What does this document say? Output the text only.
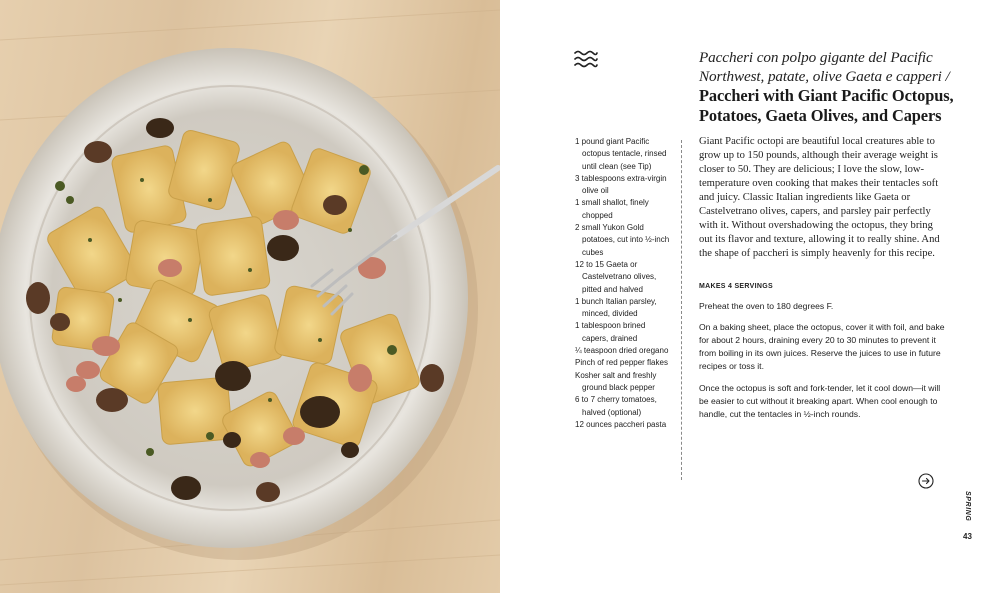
Paccheri con polpo gigante del Pacific Northwest, patate, olive Gaeta e capperi /
Paccheri with Giant Pacific Octopus, Potatoes, Gaeta Olives, and Capers
1 pound giant Pacific octopus tentacle, rinsed until clean (see Tip)
3 tablespoons extra-virgin olive oil
1 small shallot, finely chopped
2 small Yukon Gold potatoes, cut into ½-inch cubes
12 to 15 Gaeta or Castelvetrano olives, pitted and halved
1 bunch Italian parsley, minced, divided
1 tablespoon brined capers, drained
¼ teaspoon dried oregano
Pinch of red pepper flakes
Kosher salt and freshly ground black pepper
6 to 7 cherry tomatoes, halved (optional)
12 ounces paccheri pasta

Giant Pacific octopi are beautiful local creatures able to grow up to 150 pounds, although their average weight is closer to 50. They are delicious; I love the slow, low-temperature oven cooking that makes their tentacles soft and juicy. Classic Italian ingredients like Gaeta or Castelvetrano olives, capers, and parsley pair perfectly with it. Without overshadowing the octopus, they bring out its flavor and texture, allowing it to really shine. And the shape of paccheri is simply heavenly for this recipe.

MAKES 4 SERVINGS

Preheat the oven to 180 degrees F.

On a baking sheet, place the octopus, cover it with foil, and bake for about 2 hours, draining every 20 to 30 minutes to prevent it from boiling in its own juices. Reserve the juices to use in future recipes or toss it.

Once the octopus is soft and fork-tender, let it cool down—it will be easier to cut without it breaking apart. When cool enough to handle, cut the tentacles in ½-inch rounds.

SPRING
43
